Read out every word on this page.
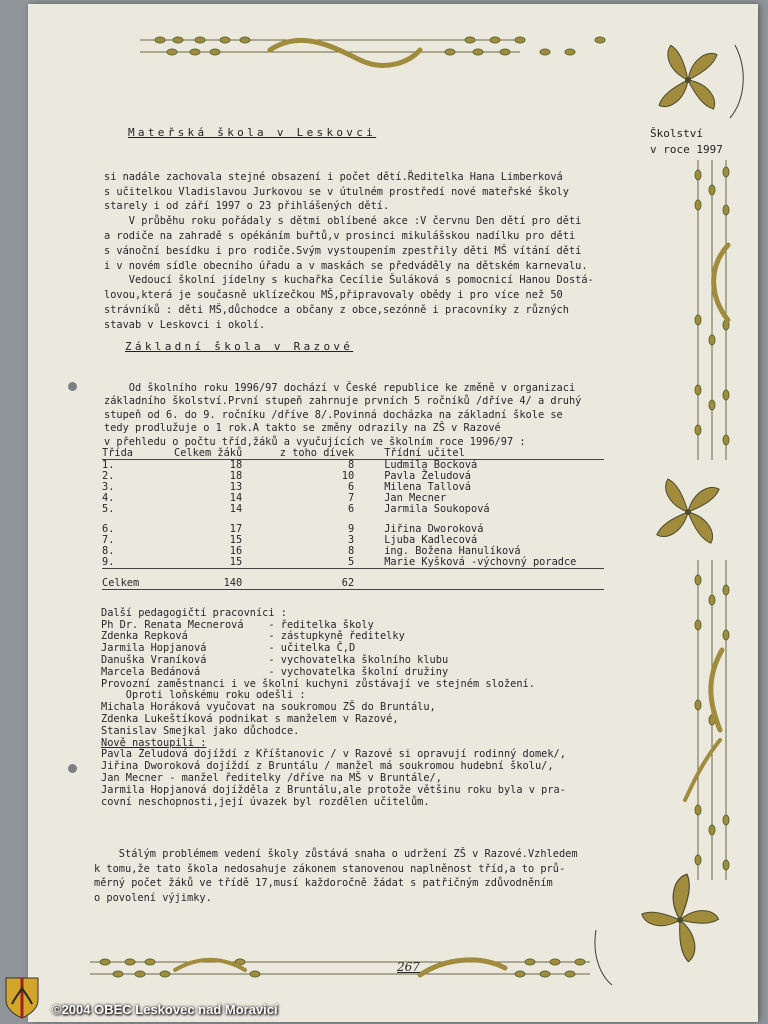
Mateřská škola v Leskovci	Školství
v roce 1997

si nadále zachovala stejné obsazení i počet dětí.Ředitelka Hana Limberková
s učitelkou Vladislavou Jurkovou se v útulném prostředí nové mateřské školy
starely i od září 1997 o 23 přihlášených dětí.
V průběhu roku pořádaly s dětmi oblíbené akce :V červnu Den dětí pro děti
a rodiče na zahradě s opékáním buřtů,v prosinci mikulášskou nadílku pro děti
s vánoční besídku i pro rodiče.Svým vystoupením zpestřily děti MŠ vítání dětí
i v novém sídle obecního úřadu a v maskách se předváděly na dětském karnevalu.
Vedoucí školní jídelny s kuchařka Cecílie Šuláková s pomocnicí Hanou Dostá-
lovou,která je současně uklízečkou MŠ,připravovaly obědy i pro více než 50
strávníků : děti MŠ,důchodce a občany z obce,sezónně i pracovníky z různých
stavab v Leskovci i okolí.

Základní škola v Razové

Od školního roku 1996/97 dochází v České republice ke změně v organizaci
základního školství.První stupeň zahrnuje prvních 5 ročníků /dříve 4/ a druhý
stupeň od 6. do 9. ročníku /dříve 8/.Povinná docházka na základní škole se
tedy prodlužuje o 1 rok.A takto se změny odrazily na ZŠ v Razové
v přehledu o počtu tříd,žáků a vyučujících ve školním roce 1996/97 :

Třída	Celkem žáků	z toho dívek	Třídní učitel
1.	18	8	Ludmila Bocková
2.	18	10	Pavla Želudová
3.	13	6	Milena Tallová
4.	14	7	Jan Mecner
5.	14	6	Jarmila Soukopová
6.	17	9	Jiřina Dworoková
7.	15	3	Ljuba Kadlecová
8.	16	8	ing. Božena Hanulíková
9.	15	5	Marie Kyšková -výchovný poradce
Celkem	140	62	

Další pedagogičtí pracovníci :
Ph Dr. Renata Mecnerová    - ředitelka školy
Zdenka Repková             - zástupkyně ředitelky
Jarmila Hopjanová          - učitelka Č,D
Danuška Vraníková          - vychovatelka školního klubu
Marcela Bedánová           - vychovatelka školní družiny
Provozní zaměstnanci i ve školní kuchyni zůstávají ve stejném složení.
Oproti loňskému roku odešli :
Michala Horáková vyučovat na soukromou ZŠ do Bruntálu,
Zdenka Lukeštíková podnikat s manželem v Razové,
Stanislav Smejkal jako důchodce.
Nově nastoupili :
Pavla Želudová dojíždí z Kříštanovic / v Razové si opravují rodinný domek/,
Jiřina Dworoková dojíždí z Bruntálu / manžel má soukromou hudební školu/,
Jan Mecner - manžel ředitelky /dříve na MŠ v Bruntále/,
Jarmila Hopjanová dojížděla z Bruntálu,ale protože většinu roku byla v pra-
covní neschopnosti,její úvazek byl rozdělen učitelům.

Stálým problémem vedení školy zůstává snaha o udržení ZŠ v Razové.Vzhledem
k tomu,že tato škola nedosahuje zákonem stanovenou naplněnost tříd,a to prů-
měrný počet žáků ve třídě 17,musí každoročně žádat s patřičným zdůvodněním
o povolení výjimky.

267
©2004 OBEC Leskovec nad Moravicí
